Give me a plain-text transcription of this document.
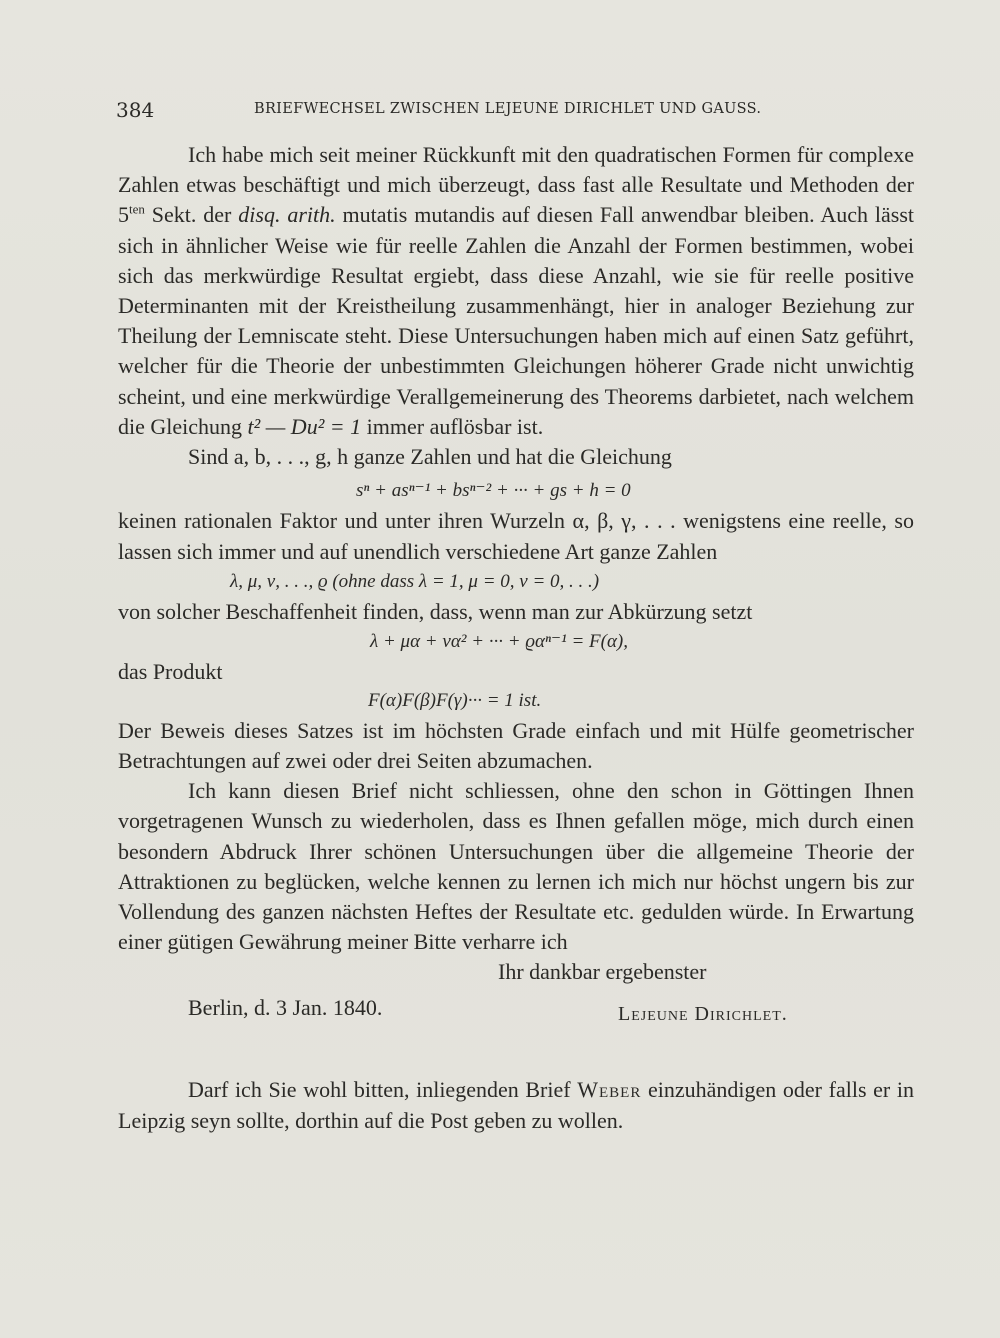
384	BRIEFWECHSEL ZWISCHEN LEJEUNE DIRICHLET UND GAUSS.

Ich habe mich seit meiner Rückkunft mit den quadratischen Formen für complexe Zahlen etwas beschäftigt und mich überzeugt, dass fast alle Resultate und Methoden der $5^{ten}$ Sekt. der disq. arith. mutatis mutandis auf diesen Fall anwendbar bleiben. Auch lässt sich in ähnlicher Weise wie für reelle Zahlen die Anzahl der Formen bestimmen, wobei sich das merkwürdige Resultat ergiebt, dass diese Anzahl, wie sie für reelle positive Determinanten mit der Kreistheilung zusammenhängt, hier in analoger Beziehung zur Theilung der Lemniscate steht. Diese Untersuchungen haben mich auf einen Satz geführt, welcher für die Theorie der unbestimmten Gleichungen höherer Grade nicht unwichtig scheint, und eine merkwürdige Verallgemeinerung des Theorems darbietet, nach welchem die Gleichung t² — Du² = 1 immer auflösbar ist.

Sind a, b, . . ., g, h ganze Zahlen und hat die Gleichung

sⁿ + asⁿ⁻¹ + bsⁿ⁻² + ··· + gs + h = 0

keinen rationalen Faktor und unter ihren Wurzeln α, β, γ, . . . wenigstens eine reelle, so lassen sich immer und auf unendlich verschiedene Art ganze Zahlen

λ, μ, ν, . . ., ϱ (ohne dass λ = 1, μ = 0, ν = 0, . . .)

von solcher Beschaffenheit finden, dass, wenn man zur Abkürzung setzt

λ + μα + να² + ··· + ϱαⁿ⁻¹ = F(α),

das Produkt

F(α)F(β)F(γ)··· = 1 ist.

Der Beweis dieses Satzes ist im höchsten Grade einfach und mit Hülfe geometrischer Betrachtungen auf zwei oder drei Seiten abzumachen.

Ich kann diesen Brief nicht schliessen, ohne den schon in Göttingen Ihnen vorgetragenen Wunsch zu wiederholen, dass es Ihnen gefallen möge, mich durch einen besondern Abdruck Ihrer schönen Untersuchungen über die allgemeine Theorie der Attraktionen zu beglücken, welche kennen zu lernen ich mich nur höchst ungern bis zur Vollendung des ganzen nächsten Heftes der Resultate etc. gedulden würde. In Erwartung einer gütigen Gewährung meiner Bitte verharre ich

Ihr dankbar ergebenster
Berlin, d. 3 Jan. 1840.	Lejeune Dirichlet.

Darf ich Sie wohl bitten, inliegenden Brief Weber einzuhändigen oder falls er in Leipzig seyn sollte, dorthin auf die Post geben zu wollen.
